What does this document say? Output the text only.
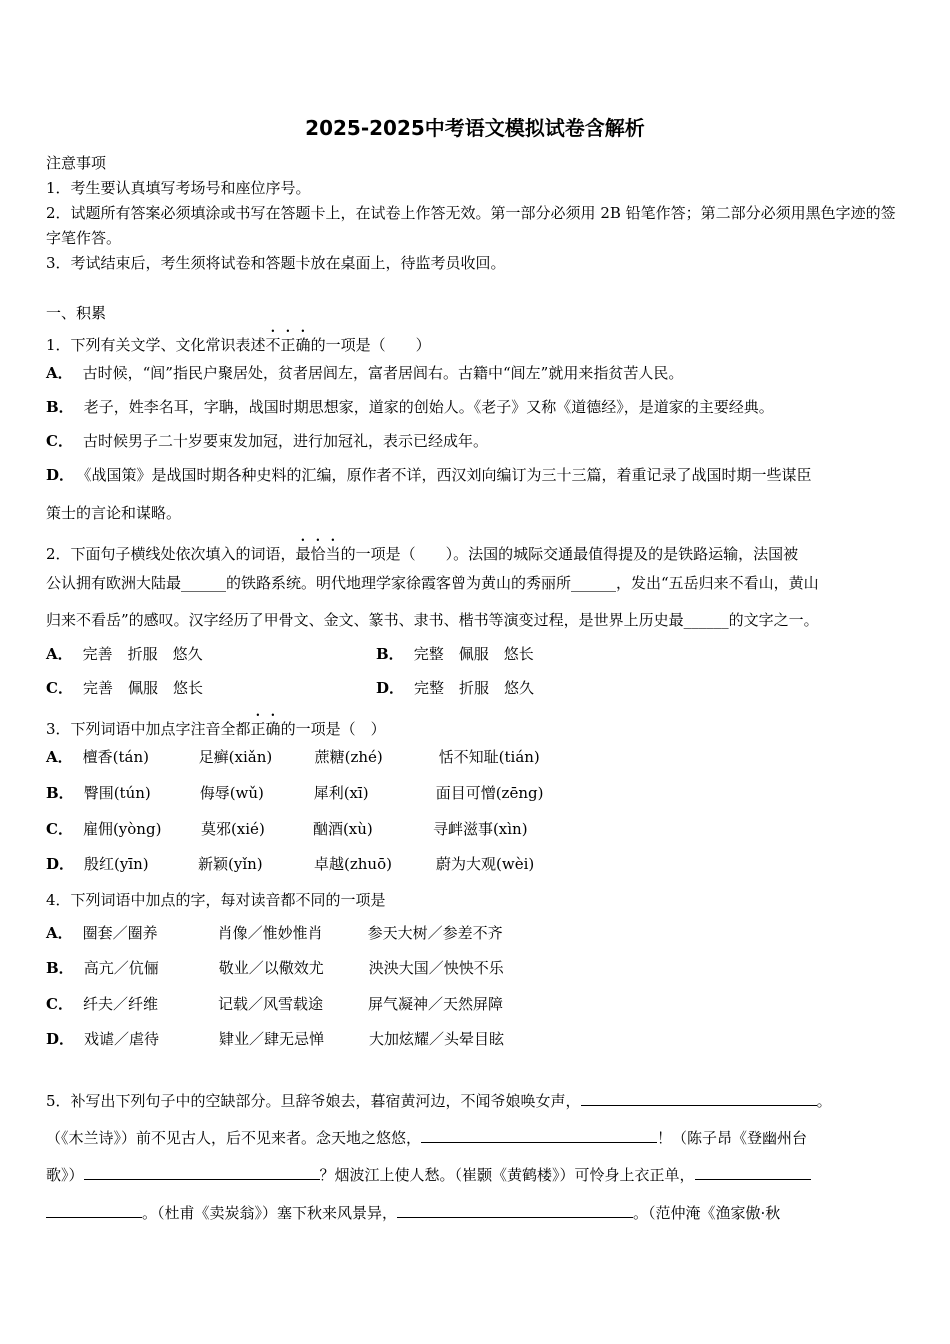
2025-2025中考语文模拟试卷含解析
注意事项
1．考生要认真填写考场号和座位序号。
2．试题所有答案必须填涂或书写在答题卡上，在试卷上作答无效。第一部分必须用 2B 铅笔作答；第二部分必须用黑色字迹的签字笔作答。
3．考试结束后，考生须将试卷和答题卡放在桌面上，待监考员收回。
一、积累
1．下列有关文学、文化常识表述不正确的一项是（　　）
A． 古时候，“闾”指民户聚居处，贫者居闾左，富者居闾右。古籍中“闾左”就用来指贫苦人民。
B． 老子，姓李名耳，字聃，战国时期思想家，道家的创始人。《老子》又称《道德经》，是道家的主要经典。
C． 古时候男子二十岁要束发加冠，进行加冠礼，表示已经成年。
D． 《战国策》是战国时期各种史料的汇编，原作者不详，西汉刘向编订为三十三篇，着重记录了战国时期一些谋臣
策士的言论和谋略。
2．下面句子横线处依次填入的词语，最恰当的一项是（　　）。法国的城际交通最值得提及的是铁路运输，法国被
公认拥有欧洲大陆最______的铁路系统。明代地理学家徐霞客曾为黄山的秀丽所______，发出“五岳归来不看山，黄山
归来不看岳”的感叹。汉字经历了甲骨文、金文、篆书、隶书、楷书等演变过程，是世界上历史最______的文字之一。
A． 完善　折服　悠久	B． 完整　佩服　悠长
C． 完善　佩服　悠长	D． 完整　折服　悠久
3．下列词语中加点字注音全都正确的一项是（　）
A． 檀香(tán)	足癣(xiǎn)	蔗糖(zhé)	恬不知耻(tián)
B． 臀围(tún)	侮辱(wǔ)	犀利(xī)	面目可憎(zēng)
C． 雇佣(yòng)	莫邪(xié)	酗酒(xù)	寻衅滋事(xìn)
D． 殷红(yīn)	新颖(yǐn)	卓越(zhuō)	蔚为大观(wèi)
4．下列词语中加点的字，每对读音都不同的一项是
A． 圈套／圈养	肖像／惟妙惟肖	参天大树／参差不齐
B． 高亢／伉俪	敬业／以儆效尤	泱泱大国／怏怏不乐
C． 纤夫／纤维	记载／风雪载途	屏气凝神／天然屏障
D． 戏谑／虐待	肄业／肆无忌惮	大加炫耀／头晕目眩
5．补写出下列句子中的空缺部分。旦辞爷娘去，暮宿黄河边，不闻爷娘唤女声，	。
（《木兰诗》）前不见古人，后不见来者。念天地之悠悠，	！（陈子昂《登幽州台
歌》）	？烟波江上使人愁。（崔颢《黄鹤楼》）可怜身上衣正单，
。（杜甫《卖炭翁》）塞下秋来风景异，	。（范仲淹《渔家傲·秋
